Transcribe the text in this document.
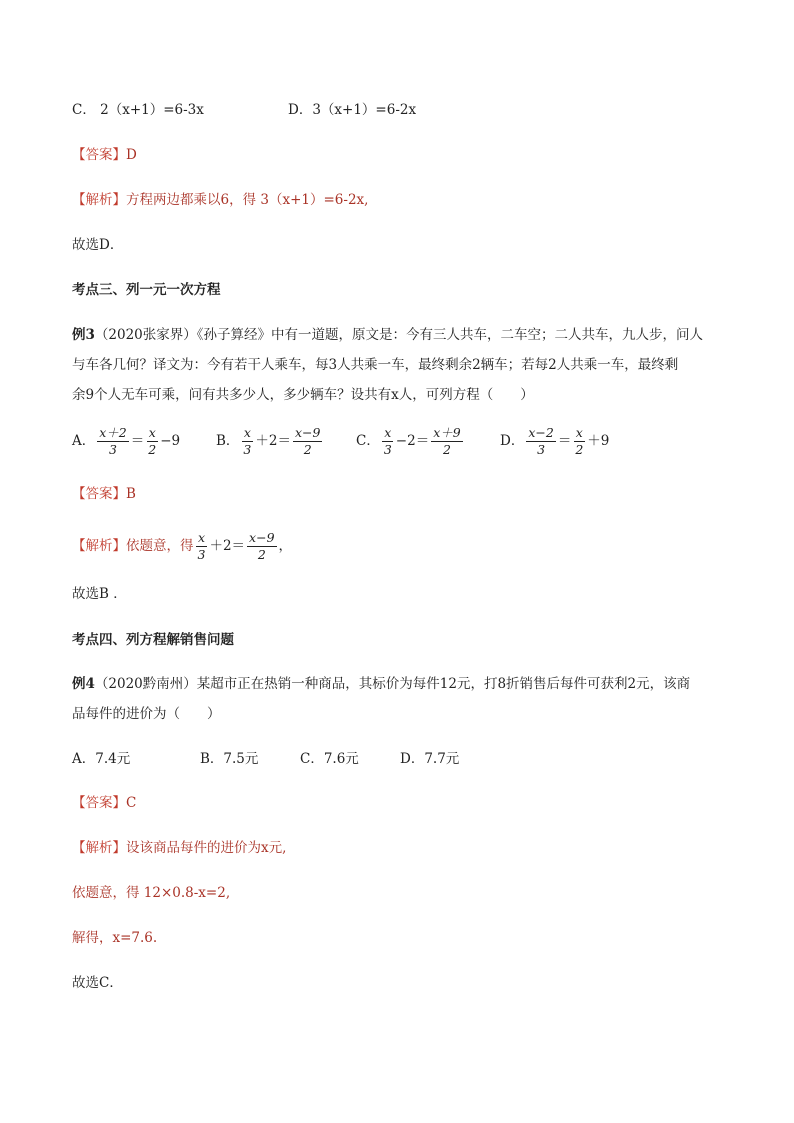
C． 2（x+1）=6-3x	D．3（x+1）=6-2x
【答案】D
【解析】方程两边都乘以6，得 3（x+1）=6-2x,
故选D．
考点三、列一元一次方程
例3（2020张家界）《孙子算经》中有一道题，原文是：今有三人共车，二车空；二人共车，九人步，问人
与车各几何？译文为：今有若干人乘车，每3人共乘一车，最终剩余2辆车；若每2人共乘一车，最终剩
余9个人无车可乘，问有共多少人，多少辆车？设共有x人，可列方程（　　）
A． $\frac{x+2}{3} = \frac{x}{2} -9$	B． $\frac{x}{3} +2= \frac{x-9}{2}$ C． $\frac{x}{3} -2= \frac{x+9}{2}$	D． $\frac{x-2}{3} = \frac{x}{2} +9$
【答案】B
【解析】依题意，得 $\frac{x}{3} +2= \frac{x-9}{2}$ ，
故选B ．
考点四、列方程解销售问题
例4（2020黔南州）某超市正在热销一种商品，其标价为每件12元，打8折销售后每件可获利2元，该商
品每件的进价为（　　）
A．7.4元	B．7.5元	C．7.6元	D．7.7元
【答案】C
【解析】设该商品每件的进价为x元,
依题意，得 12×0.8-x=2,
解得，x=7.6.
故选C．
